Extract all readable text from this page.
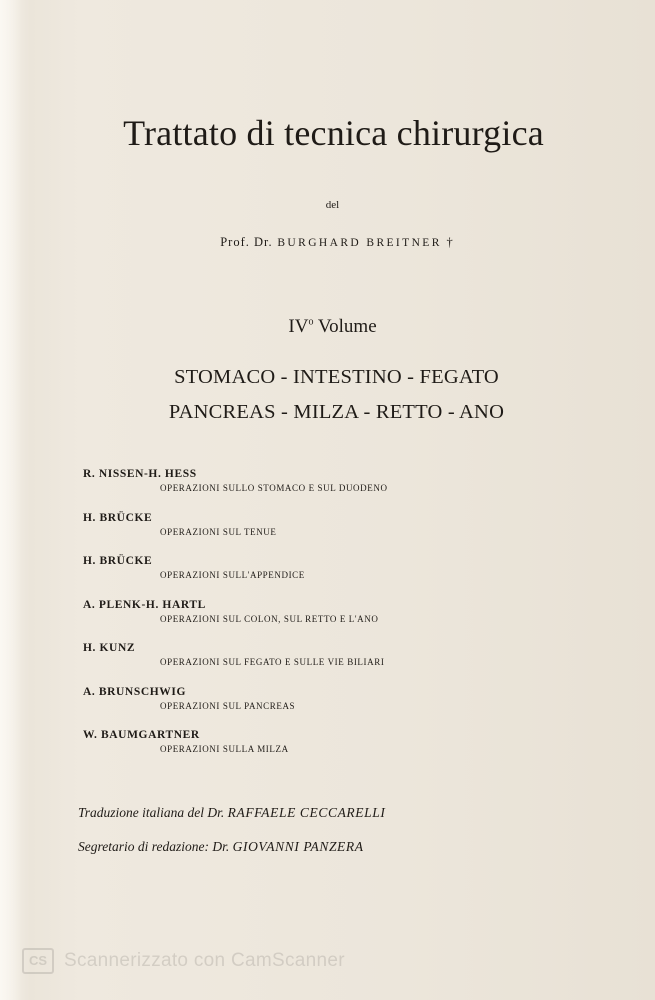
Trattato di tecnica chirurgica
del
Prof. Dr. BURGHARD BREITNER †
$IV^o$ Volume
STOMACO - INTESTINO - FEGATO
PANCREAS - MILZA - RETTO - ANO
R. NISSEN-H. HESS
OPERAZIONI SULLO STOMACO E SUL DUODENO
H. BRÜCKE
OPERAZIONI SUL TENUE
H. BRÜCKE
OPERAZIONI SULL'APPENDICE
A. PLENK-H. HARTL
OPERAZIONI SUL COLON, SUL RETTO E L'ANO
H. KUNZ
OPERAZIONI SUL FEGATO E SULLE VIE BILIARI
A. BRUNSCHWIG
OPERAZIONI SUL PANCREAS
W. BAUMGARTNER
OPERAZIONI SULLA MILZA
Traduzione italiana del Dr. RAFFAELE CECCARELLI
Segretario di redazione: Dr. GIOVANNI PANZERA
CS Scannerizzato con CamScanner
